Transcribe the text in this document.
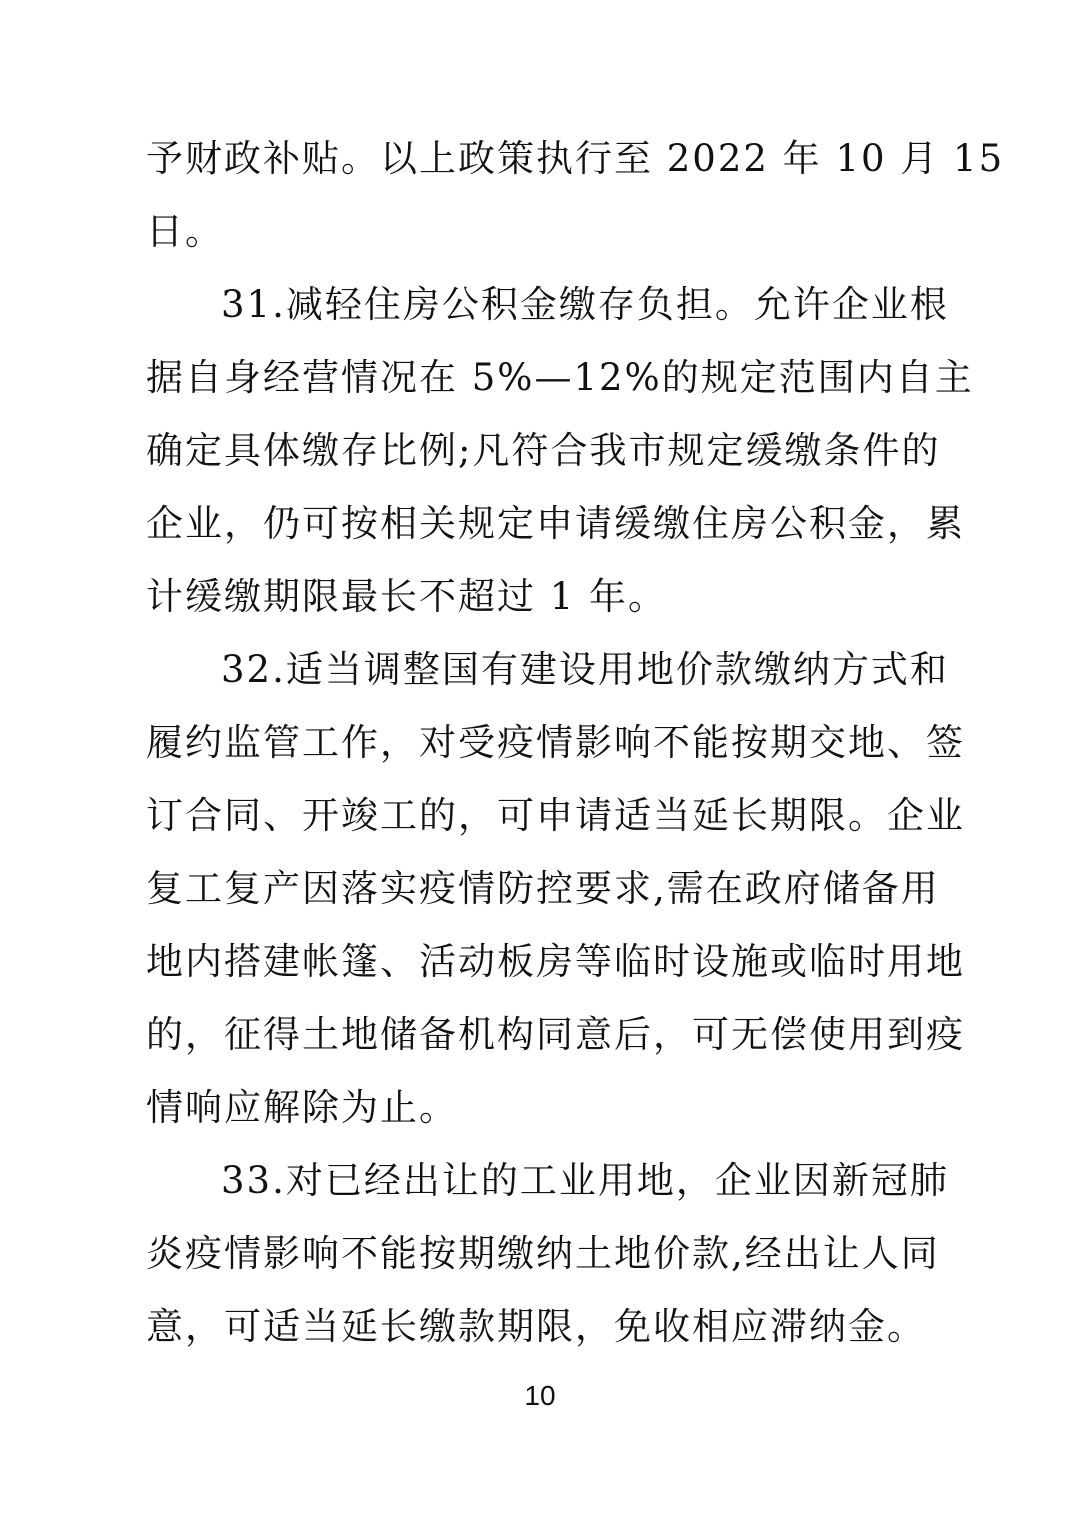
予财政补贴。以上政策执行至 2022 年 10 月 15
日。
31.减轻住房公积金缴存负担。允许企业根
据自身经营情况在 5%—12%的规定范围内自主
确定具体缴存比例;凡符合我市规定缓缴条件的
企业，仍可按相关规定申请缓缴住房公积金，累
计缓缴期限最长不超过 1 年。
32.适当调整国有建设用地价款缴纳方式和
履约监管工作，对受疫情影响不能按期交地、签
订合同、开竣工的，可申请适当延长期限。企业
复工复产因落实疫情防控要求,需在政府储备用
地内搭建帐篷、活动板房等临时设施或临时用地
的，征得土地储备机构同意后，可无偿使用到疫
情响应解除为止。
33.对已经出让的工业用地，企业因新冠肺
炎疫情影响不能按期缴纳土地价款,经出让人同
意，可适当延长缴款期限，免收相应滞纳金。
10
